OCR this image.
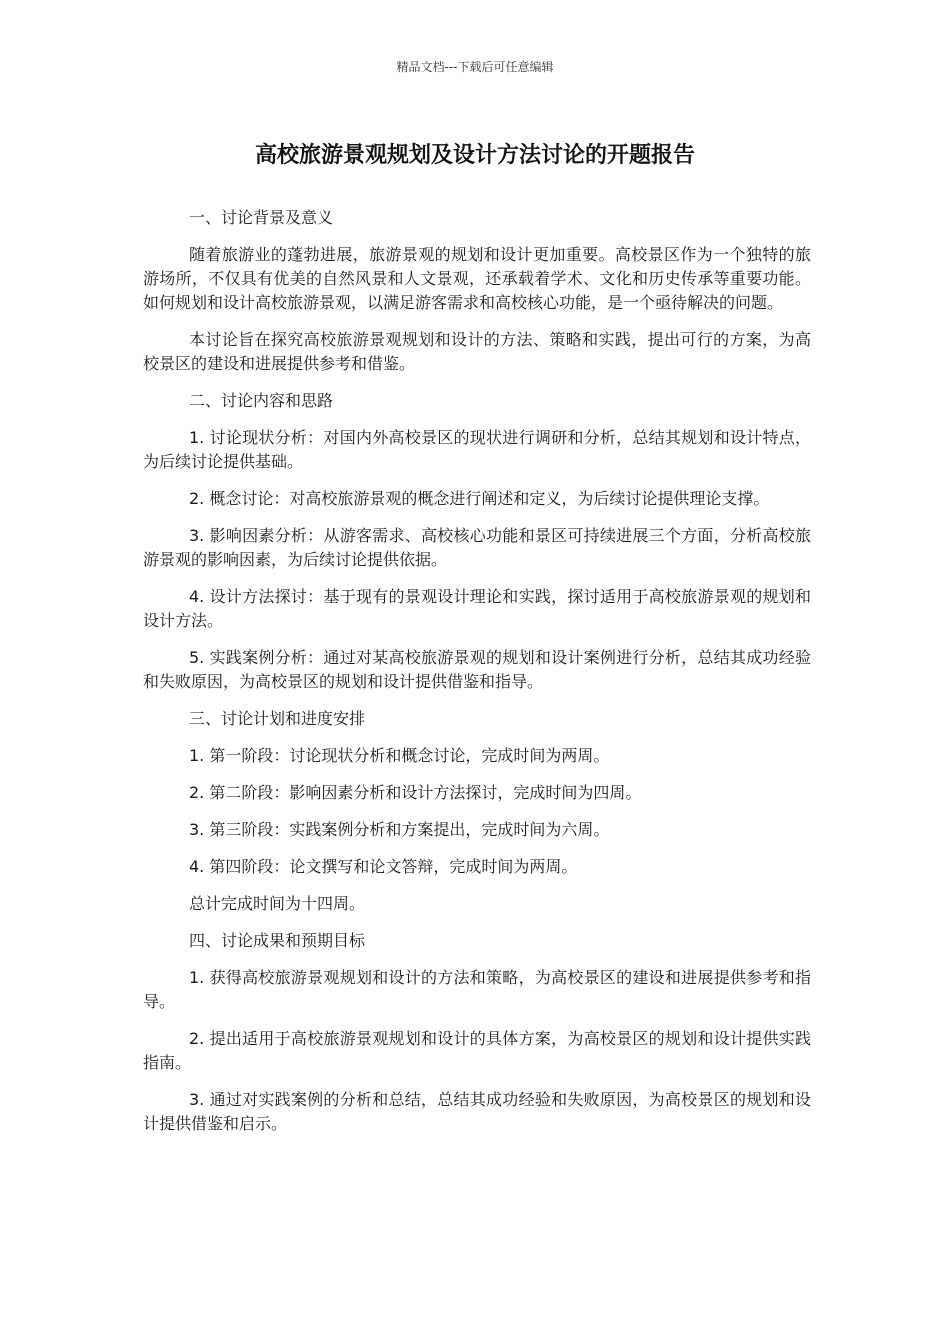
精品文档---下载后可任意编辑
高校旅游景观规划及设计方法讨论的开题报告

一、讨论背景及意义

随着旅游业的蓬勃进展，旅游景观的规划和设计更加重要。高校景区作为一个独特的旅游场所，不仅具有优美的自然风景和人文景观，还承载着学术、文化和历史传承等重要功能。如何规划和设计高校旅游景观，以满足游客需求和高校核心功能，是一个亟待解决的问题。

本讨论旨在探究高校旅游景观规划和设计的方法、策略和实践，提出可行的方案，为高校景区的建设和进展提供参考和借鉴。

二、讨论内容和思路

1. 讨论现状分析：对国内外高校景区的现状进行调研和分析，总结其规划和设计特点，为后续讨论提供基础。

2. 概念讨论：对高校旅游景观的概念进行阐述和定义，为后续讨论提供理论支撑。

3. 影响因素分析：从游客需求、高校核心功能和景区可持续进展三个方面，分析高校旅游景观的影响因素，为后续讨论提供依据。

4. 设计方法探讨：基于现有的景观设计理论和实践，探讨适用于高校旅游景观的规划和设计方法。

5. 实践案例分析：通过对某高校旅游景观的规划和设计案例进行分析，总结其成功经验和失败原因，为高校景区的规划和设计提供借鉴和指导。

三、讨论计划和进度安排

1. 第一阶段：讨论现状分析和概念讨论，完成时间为两周。

2. 第二阶段：影响因素分析和设计方法探讨，完成时间为四周。

3. 第三阶段：实践案例分析和方案提出，完成时间为六周。

4. 第四阶段：论文撰写和论文答辩，完成时间为两周。

总计完成时间为十四周。

四、讨论成果和预期目标

1. 获得高校旅游景观规划和设计的方法和策略，为高校景区的建设和进展提供参考和指导。

2. 提出适用于高校旅游景观规划和设计的具体方案，为高校景区的规划和设计提供实践指南。

3. 通过对实践案例的分析和总结，总结其成功经验和失败原因，为高校景区的规划和设计提供借鉴和启示。
